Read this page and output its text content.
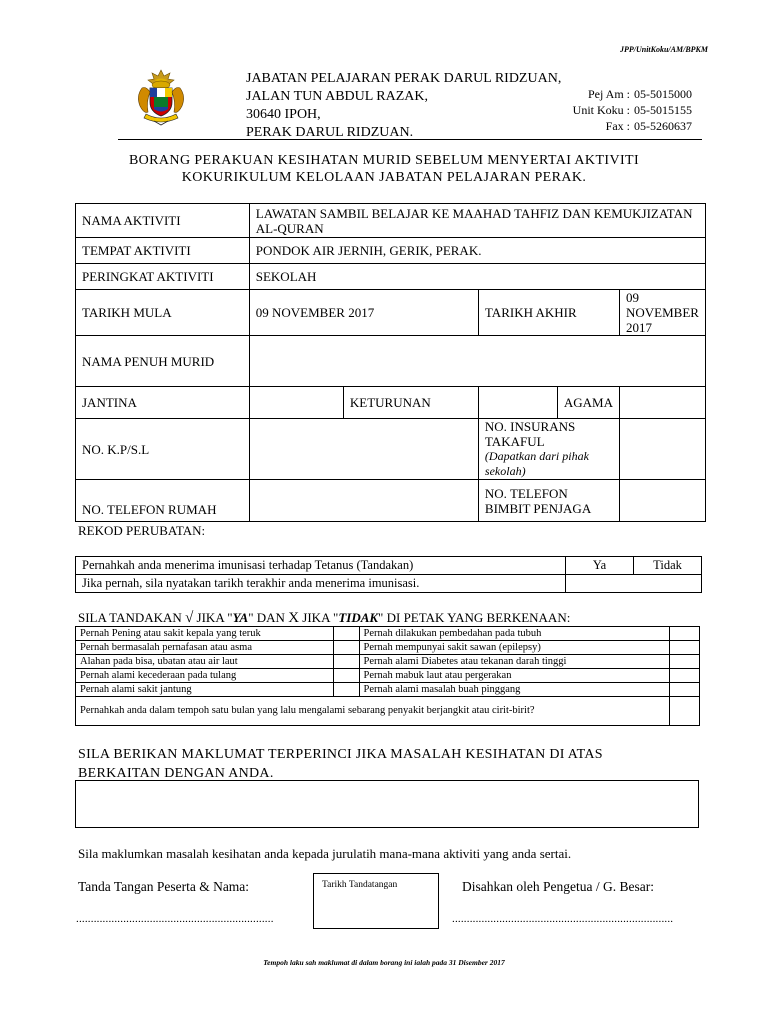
JPP/UnitKoku/AM/BPKM
JABATAN PELAJARAN PERAK DARUL RIDZUAN,
JALAN TUN ABDUL RAZAK,
30640 IPOH,
PERAK DARUL RIDZUAN.
Pej Am : 05-5015000
Unit Koku : 05-5015155
Fax : 05-5260637
BORANG PERAKUAN KESIHATAN MURID SEBELUM MENYERTAI AKTIVITI
KOKURIKULUM KELOLAAN JABATAN PELAJARAN PERAK.
NAMA AKTIVITI	LAWATAN SAMBIL BELAJAR KE MAAHAD TAHFIZ DAN KEMUKJIZATAN AL-QURAN				
TEMPAT AKTIVITI	PONDOK AIR JERNIH, GERIK, PERAK.				
PERINGKAT AKTIVITI	SEKOLAH				
TARIKH MULA	09 NOVEMBER 2017		TARIKH AKHIR		09 NOVEMBER 2017
NAMA PENUH MURID					
JANTINA		KETURUNAN		AGAMA	
NO. K.P/S.L			NO. INSURANS TAKAFUL
(Dapatkan dari pihak sekolah)		

NO. TELEFON RUMAH			NO. TELEFON BIMBIT PENJAGA		
REKOD PERUBATAN:
Pernahkah anda menerima imunisasi terhadap Tetanus (Tandakan)	Ya	Tidak
Jika pernah, sila nyatakan tarikh terakhir anda menerima imunisasi.		
SILA TANDAKAN √ JIKA "YA" DAN X JIKA "TIDAK" DI PETAK YANG BERKENAAN:
Pernah Pening atau sakit kepala yang teruk		Pernah dilakukan pembedahan pada tubuh	
Pernah bermasalah pernafasan atau asma		Pernah mempunyai sakit sawan (epilepsy)	
Alahan pada bisa, ubatan atau air laut		Pernah alami Diabetes atau tekanan darah tinggi	
Pernah alami kecederaan pada tulang		Pernah mabuk laut atau pergerakan	
Pernah alami sakit jantung		Pernah alami masalah buah pinggang	
Pernahkah anda dalam tempoh satu bulan yang lalu mengalami sebarang penyakit berjangkit atau cirit-birit?			
SILA BERIKAN MAKLUMAT TERPERINCI JIKA MASALAH KESIHATAN DI ATAS
BERKAITAN DENGAN ANDA.
Sila maklumkan masalah kesihatan anda kepada jurulatih mana-mana aktiviti yang anda sertai.
Tanda Tangan Peserta & Nama:	Tarikh Tandatangan	Disahkan oleh Pengetua / G. Besar:
...................................................................	...........................................................................
Tempoh laku sah maklumat di dalam borang ini ialah pada 31 Disember 2017
